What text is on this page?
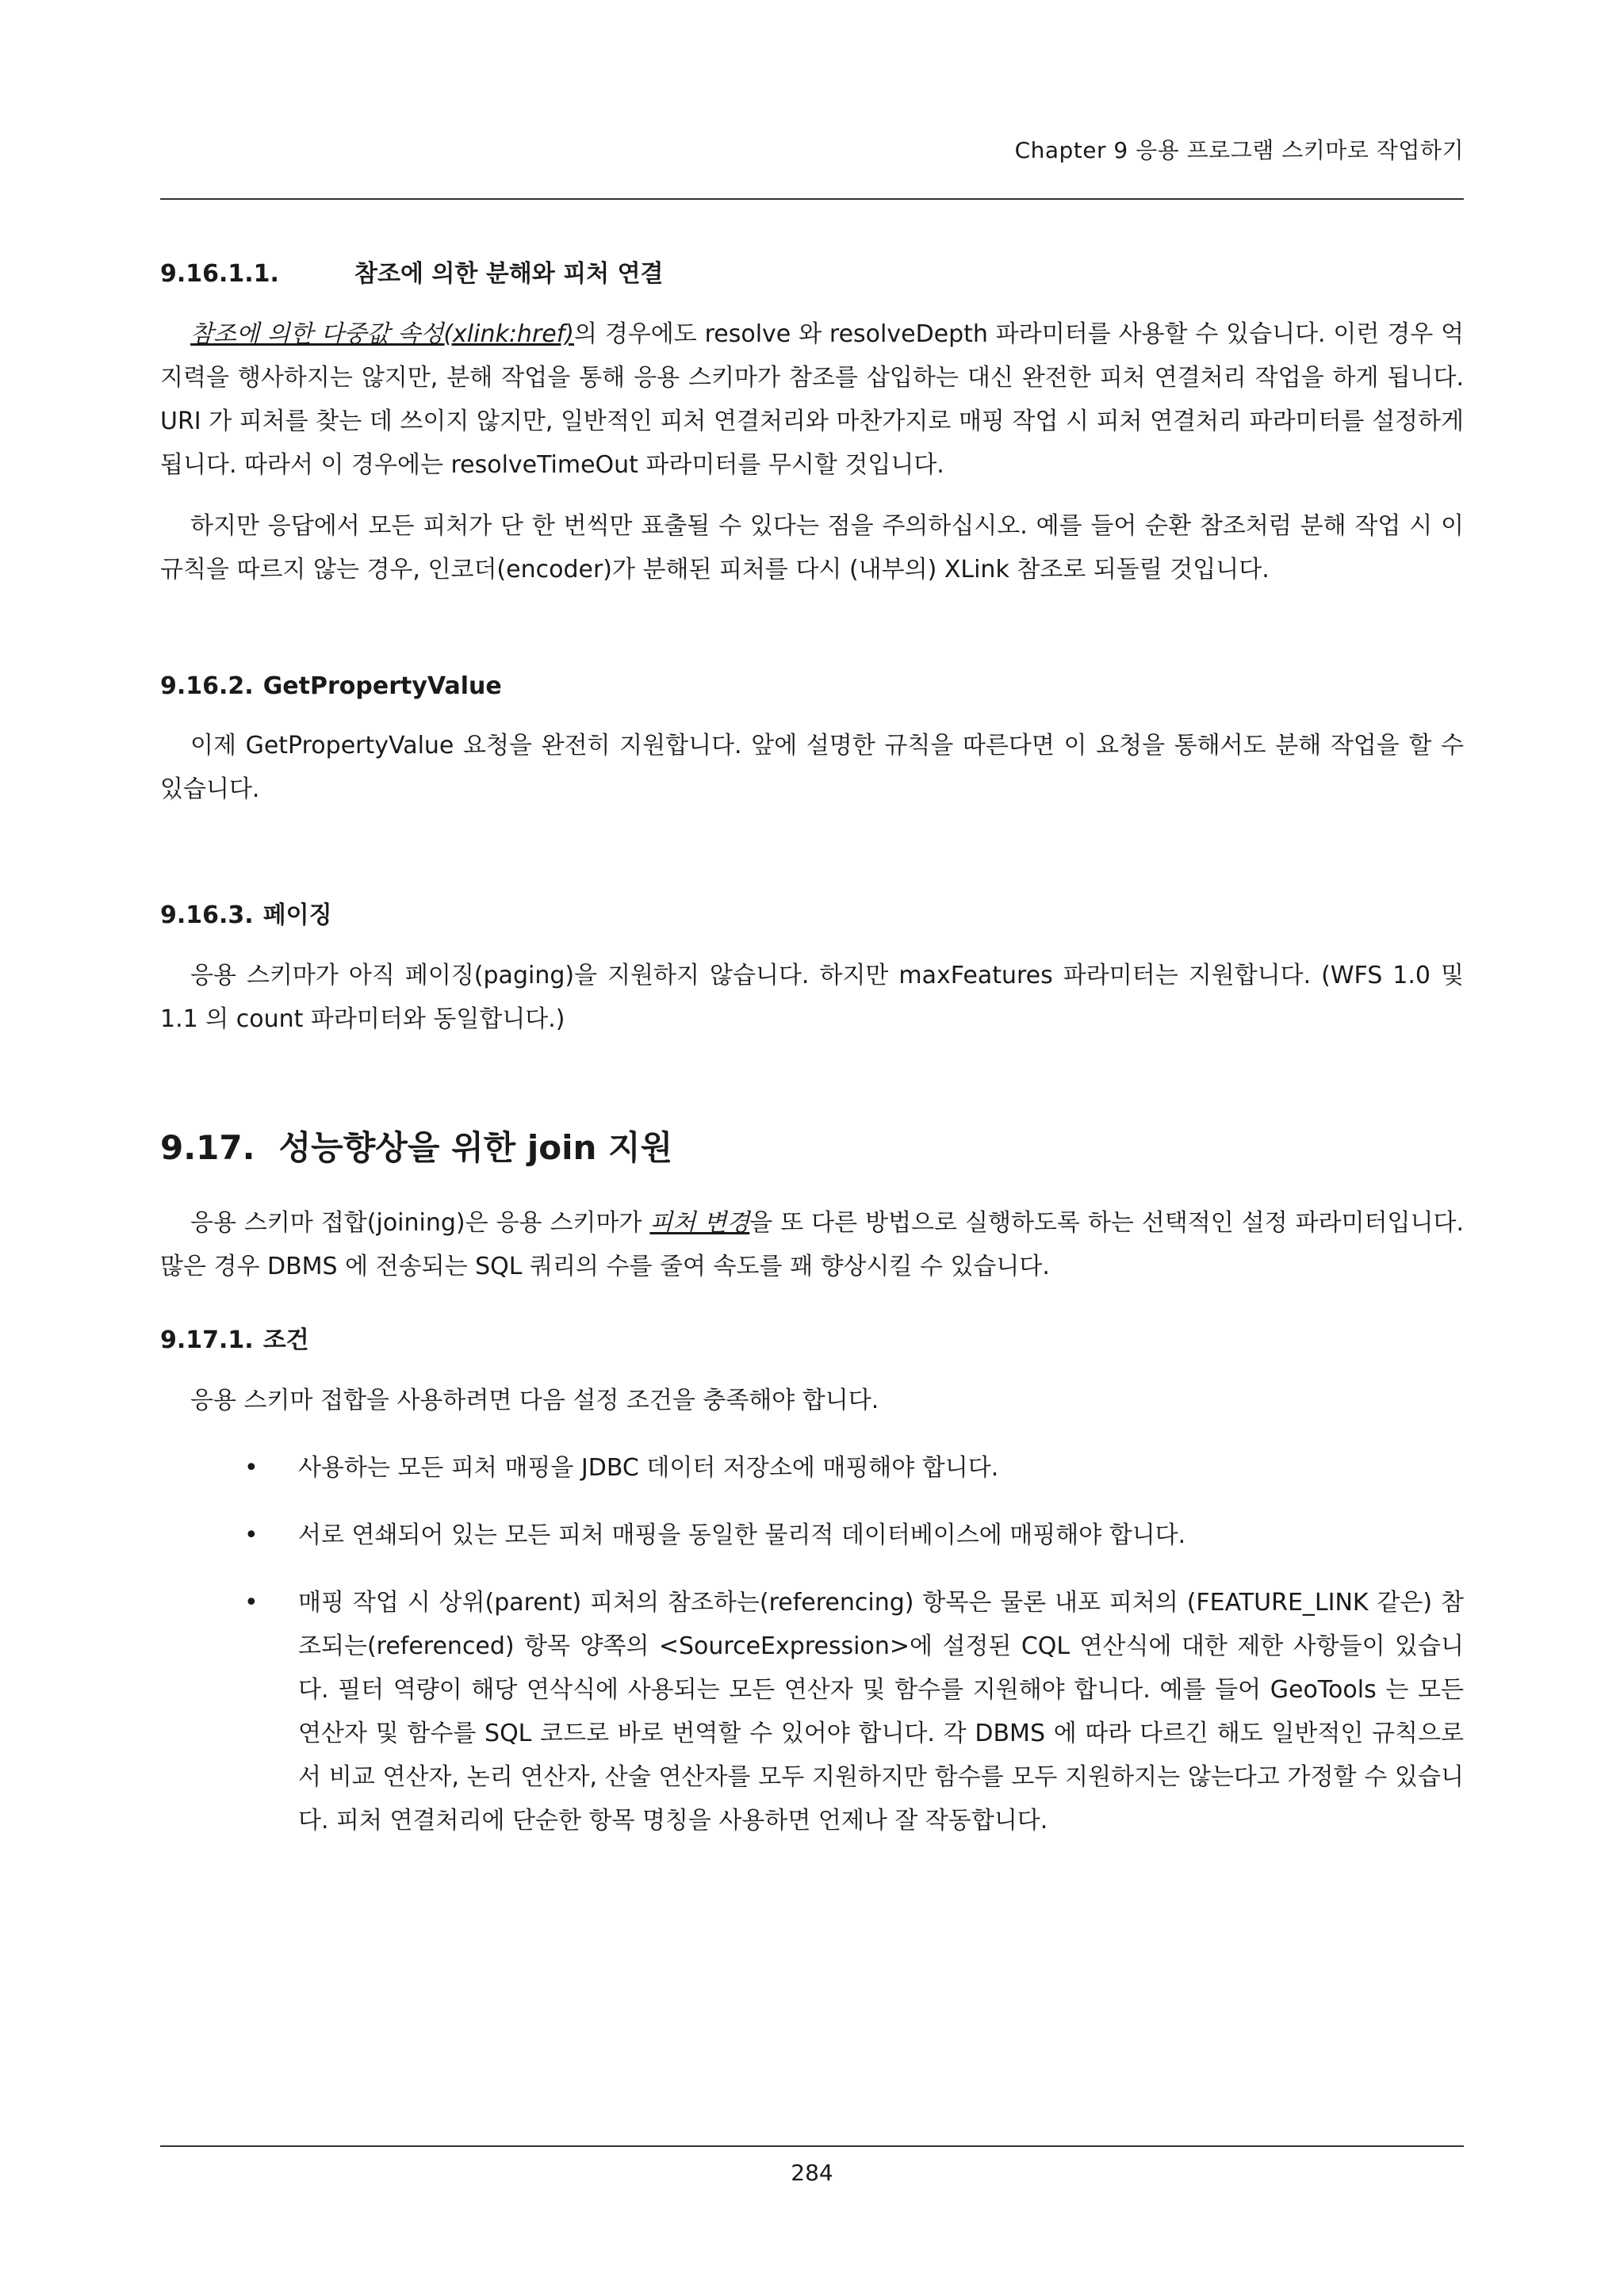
Chapter 9 응용 프로그램 스키마로 작업하기
9.16.1.1.	참조에 의한 분해와 피처 연결

참조에 의한 다중값 속성(xlink:href)의 경우에도 resolve 와 resolveDepth 파라미터를 사용할 수 있습니다. 이런 경우 억지력을 행사하지는 않지만, 분해 작업을 통해 응용 스키마가 참조를 삽입하는 대신 완전한 피처 연결처리 작업을 하게 됩니다. URI 가 피처를 찾는 데 쓰이지 않지만, 일반적인 피처 연결처리와 마찬가지로 매핑 작업 시 피처 연결처리 파라미터를 설정하게 됩니다. 따라서 이 경우에는 resolveTimeOut 파라미터를 무시할 것입니다.

하지만 응답에서 모든 피처가 단 한 번씩만 표출될 수 있다는 점을 주의하십시오. 예를 들어 순환 참조처럼 분해 작업 시 이 규칙을 따르지 않는 경우, 인코더(encoder)가 분해된 피처를 다시 (내부의) XLink 참조로 되돌릴 것입니다.

9.16.2. GetPropertyValue

이제 GetPropertyValue 요청을 완전히 지원합니다. 앞에 설명한 규칙을 따른다면 이 요청을 통해서도 분해 작업을 할 수 있습니다.

9.16.3. 페이징

응용 스키마가 아직 페이징(paging)을 지원하지 않습니다. 하지만 maxFeatures 파라미터는 지원합니다. (WFS 1.0 및 1.1 의 count 파라미터와 동일합니다.)

9.17. 성능향상을 위한 join 지원

응용 스키마 접합(joining)은 응용 스키마가 피처 변경을 또 다른 방법으로 실행하도록 하는 선택적인 설정 파라미터입니다. 많은 경우 DBMS 에 전송되는 SQL 쿼리의 수를 줄여 속도를 꽤 향상시킬 수 있습니다.

9.17.1. 조건

응용 스키마 접합을 사용하려면 다음 설정 조건을 충족해야 합니다.

• 사용하는 모든 피처 매핑을 JDBC 데이터 저장소에 매핑해야 합니다.
• 서로 연쇄되어 있는 모든 피처 매핑을 동일한 물리적 데이터베이스에 매핑해야 합니다.
• 매핑 작업 시 상위(parent) 피처의 참조하는(referencing) 항목은 물론 내포 피처의 (FEATURE_LINK 같은) 참조되는(referenced) 항목 양쪽의 <SourceExpression>에 설정된 CQL 연산식에 대한 제한 사항들이 있습니다. 필터 역량이 해당 연삭식에 사용되는 모든 연산자 및 함수를 지원해야 합니다. 예를 들어 GeoTools 는 모든 연산자 및 함수를 SQL 코드로 바로 번역할 수 있어야 합니다. 각 DBMS 에 따라 다르긴 해도 일반적인 규칙으로서 비교 연산자, 논리 연산자, 산술 연산자를 모두 지원하지만 함수를 모두 지원하지는 않는다고 가정할 수 있습니다. 피처 연결처리에 단순한 항목 명칭을 사용하면 언제나 잘 작동합니다.
284
